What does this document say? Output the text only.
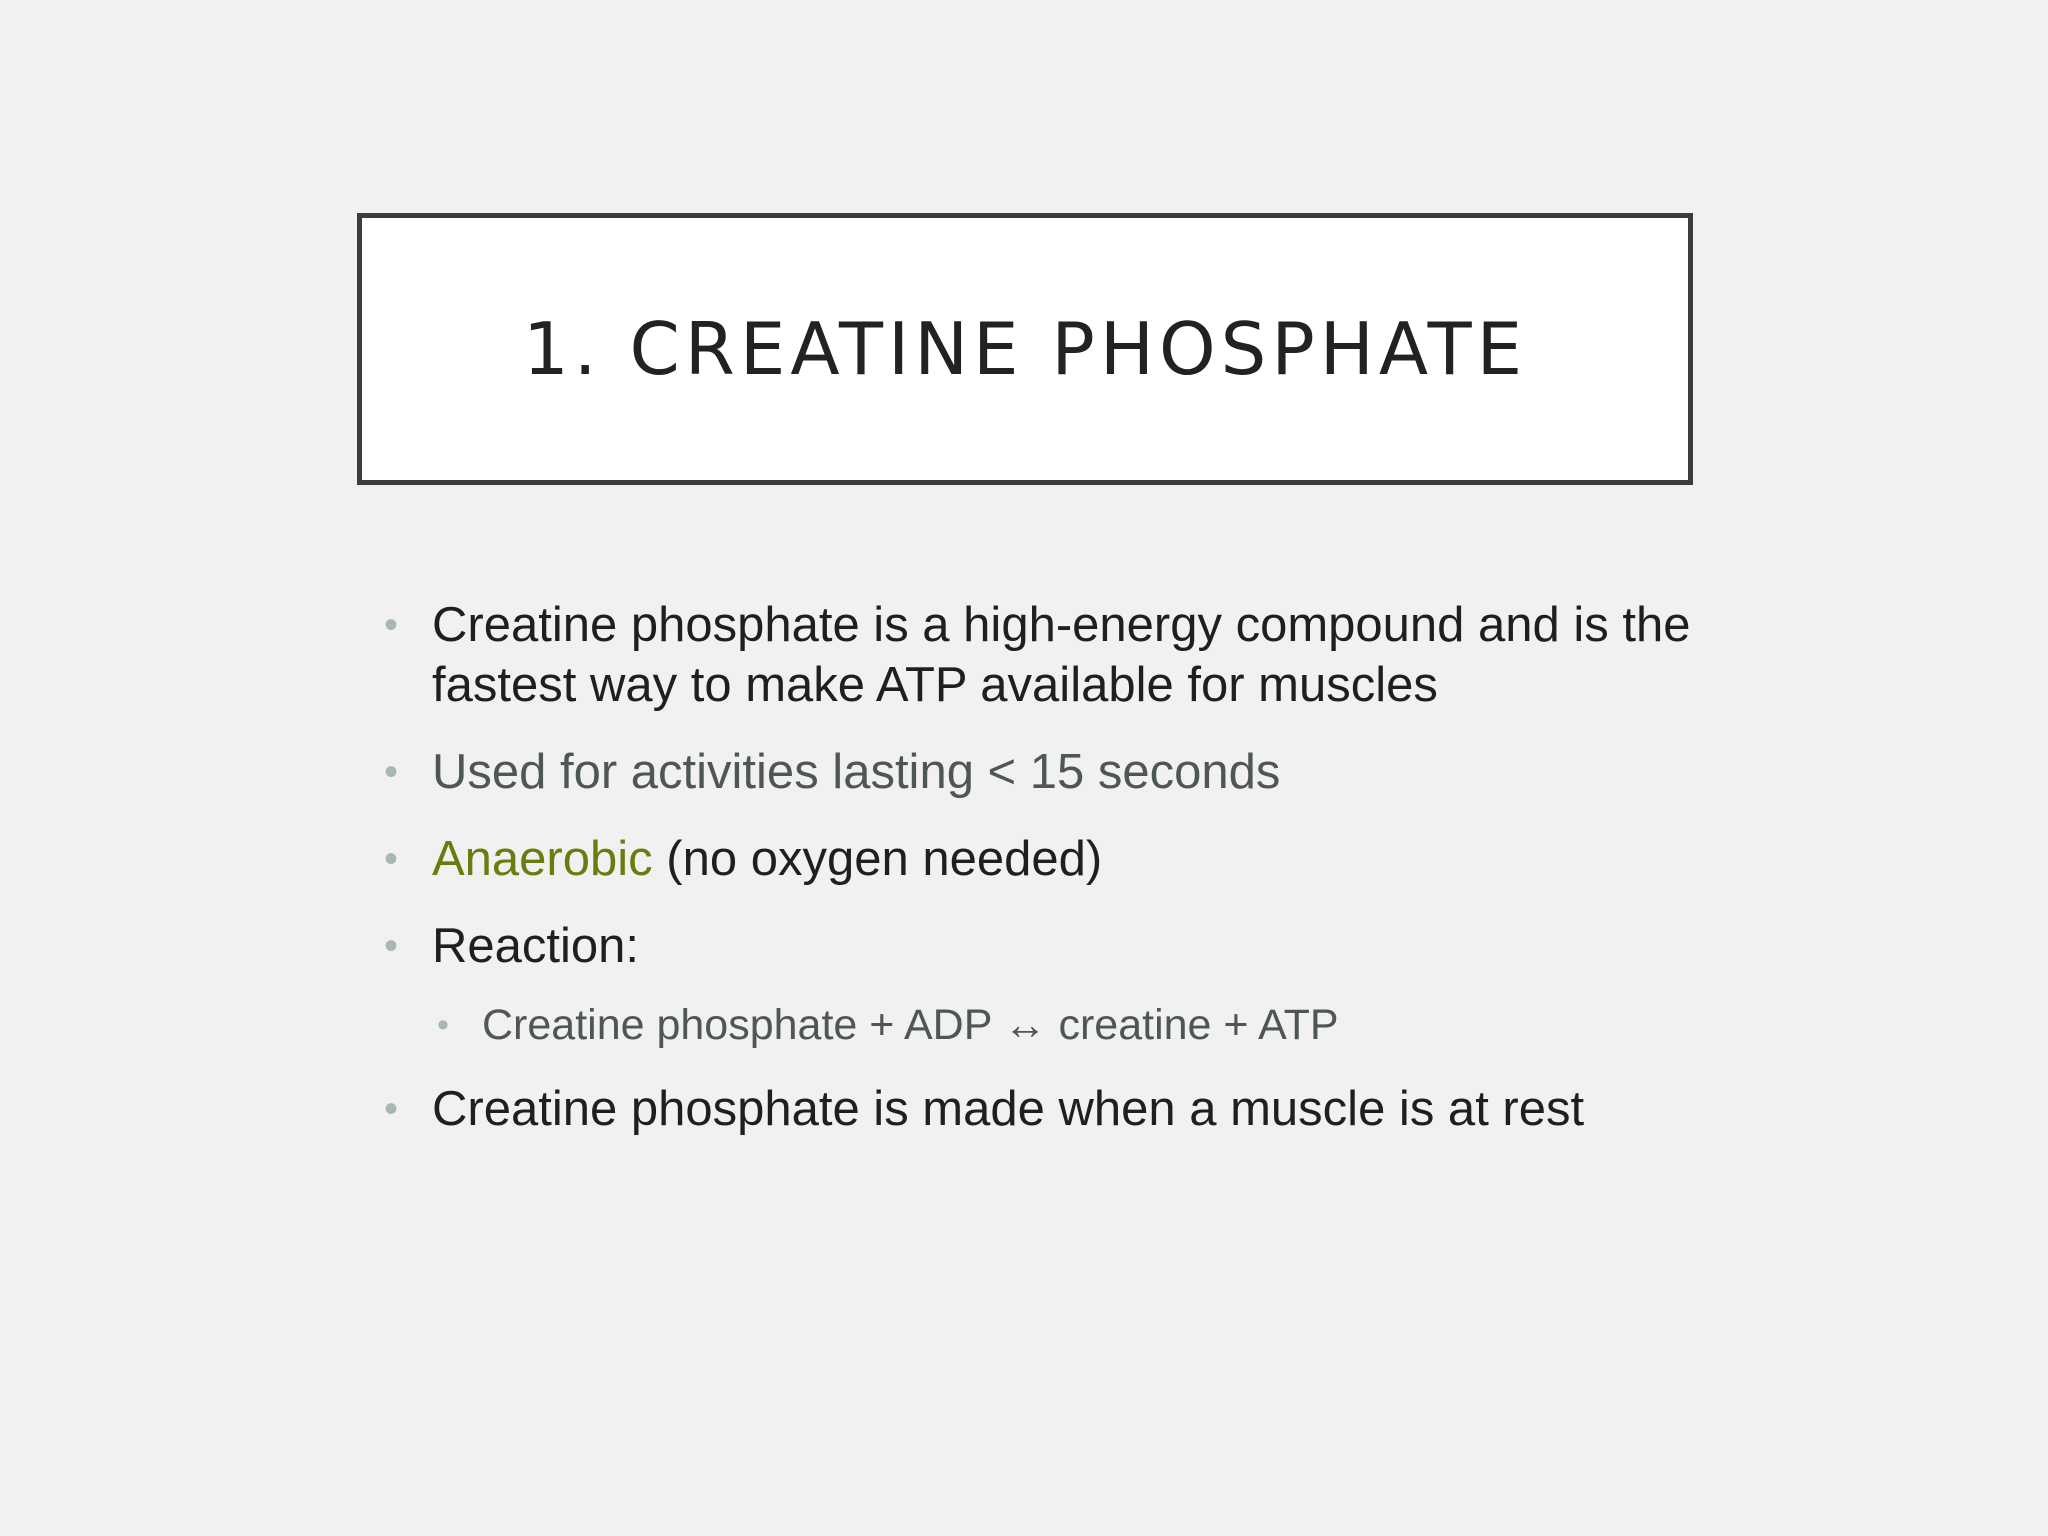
1. CREATINE PHOSPHATE
• Creatine phosphate is a high-energy compound and is the fastest way to make ATP available for muscles
• Used for activities lasting < 15 seconds
• Anaerobic (no oxygen needed)
• Reaction:
• Creatine phosphate + ADP ↔ creatine + ATP
• Creatine phosphate is made when a muscle is at rest
